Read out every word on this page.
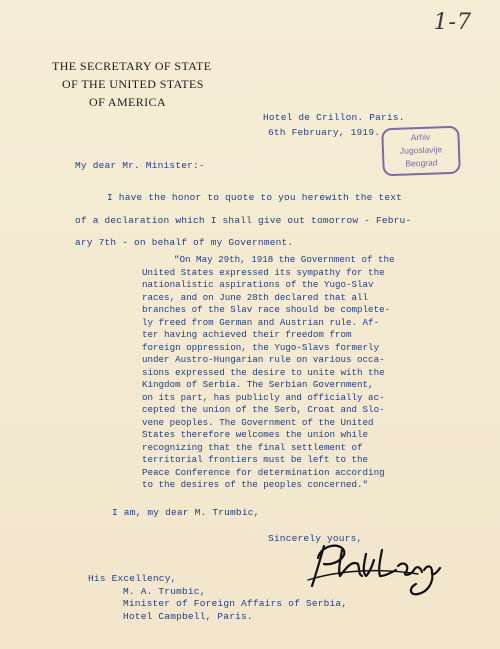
1-7
THE SECRETARY OF STATE
OF THE UNITED STATES
OF AMERICA
Hotel de Crillon. Paris.
6th February, 1919.	Arhiv
Jugoslavije
Beograd
My dear Mr. Minister:-
I have the honor to quote to you herewith the text
of a declaration which I shall give out tomorrow - Febru-
ary 7th - on behalf of my Government.
"On May 29th, 1918 the Government of the
United States expressed its sympathy for the
nationalistic aspirations of the Yugo-Slav
races, and on June 28th declared that all
branches of the Slav race should be complete-
ly freed from German and Austrian rule. Af-
ter having achieved their freedom from
foreign oppression, the Yugo-Slavs formerly
under Austro-Hungarian rule on various occa-
sions expressed the desire to unite with the
Kingdom of Serbia. The Serbian Government,
on its part, has publicly and officially ac-
cepted the union of the Serb, Croat and Slo-
vene peoples. The Government of the United
States therefore welcomes the union while
recognizing that the final settlement of
territorial frontiers must be left to the
Peace Conference for determination according
to the desires of the peoples concerned."
I am, my dear M. Trumbic,
Sincerely yours,
His Excellency,
M. A. Trumbic,
Minister of Foreign Affairs of Serbia,
Hotel Campbell, Paris.
